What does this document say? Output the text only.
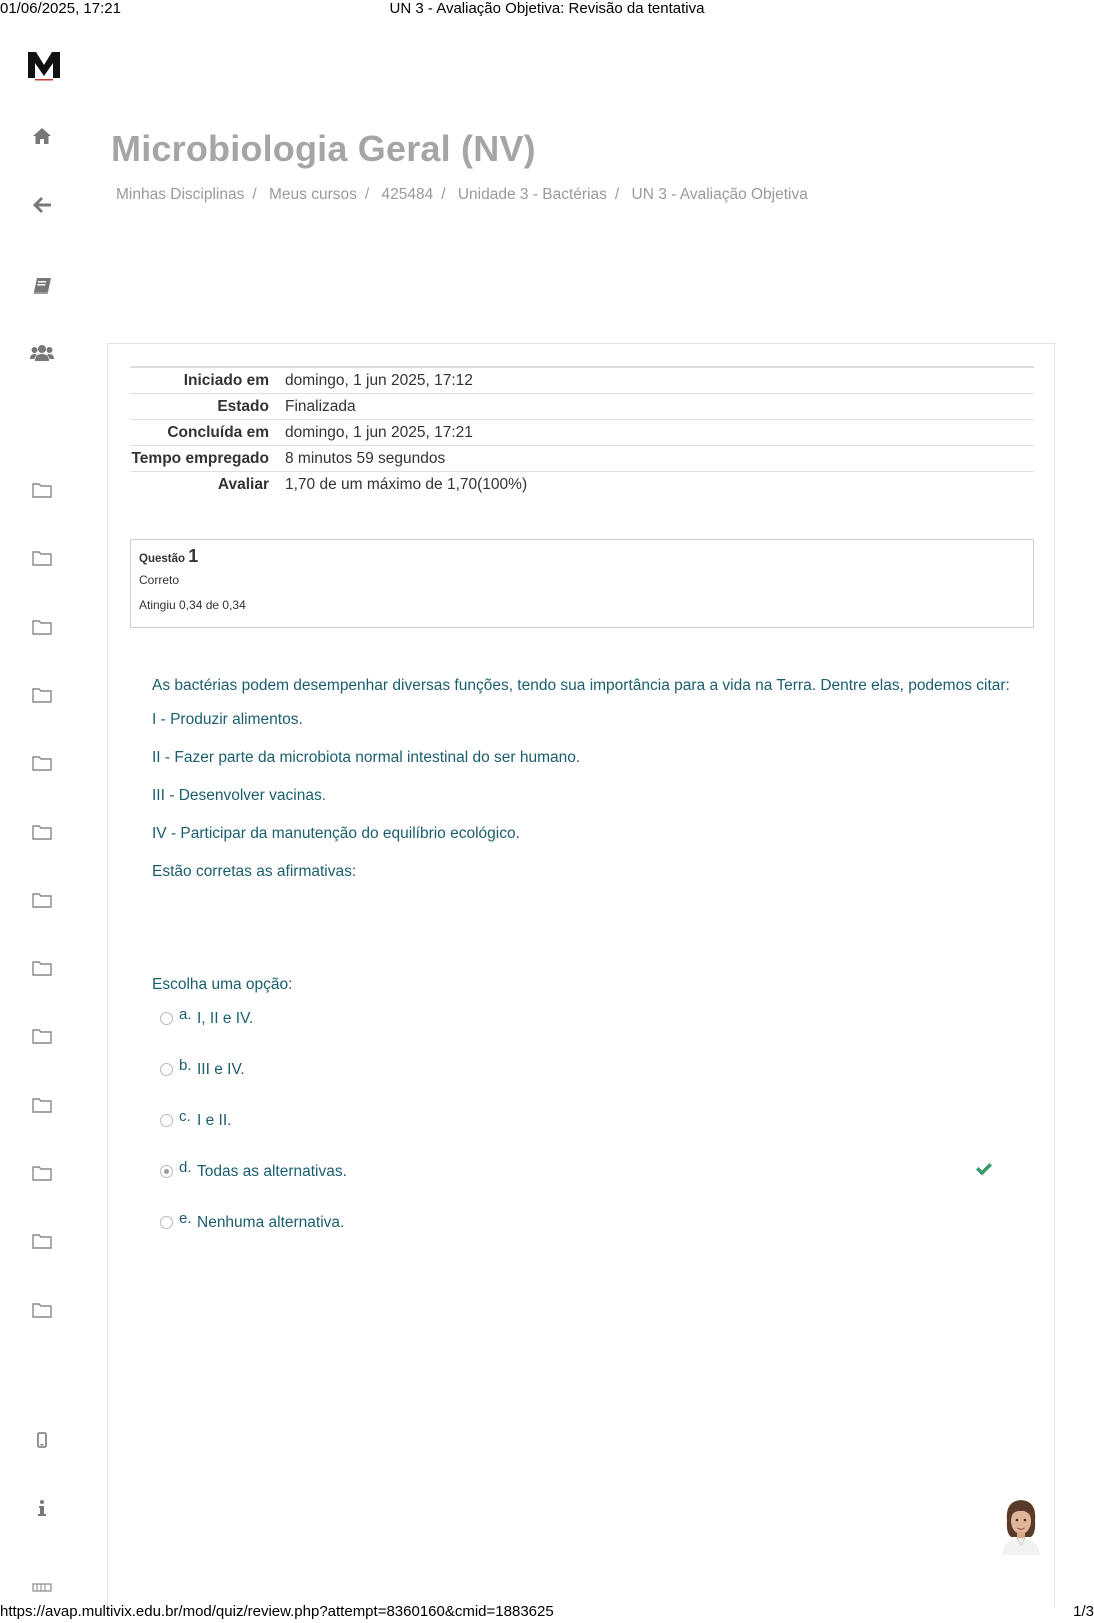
01/06/2025, 17:21	UN 3 - Avaliação Objetiva: Revisão da tentativa
Microbiologia Geral (NV)
Minhas Disciplinas / Meus cursos / 425484 / Unidade 3 - Bactérias / UN 3 - Avaliação Objetiva
Iniciado em	domingo, 1 jun 2025, 17:12
Estado	Finalizada
Concluída em	domingo, 1 jun 2025, 17:21
Tempo empregado	8 minutos 59 segundos
Avaliar	1,70 de um máximo de 1,70(100%)
Questão 1
Correto
Atingiu 0,34 de 0,34
As bactérias podem desempenhar diversas funções, tendo sua importância para a vida na Terra. Dentre elas, podemos citar:

I - Produzir alimentos.

II - Fazer parte da microbiota normal intestinal do ser humano.

III - Desenvolver vacinas.

IV - Participar da manutenção do equilíbrio ecológico.

Estão corretas as afirmativas:

Escolha uma opção:
a. I, II e IV.
b. III e IV.
c. I e II.
d. Todas as alternativas.
e. Nenhuma alternativa.
https://avap.multivix.edu.br/mod/quiz/review.php?attempt=8360160&cmid=1883625	1/3
